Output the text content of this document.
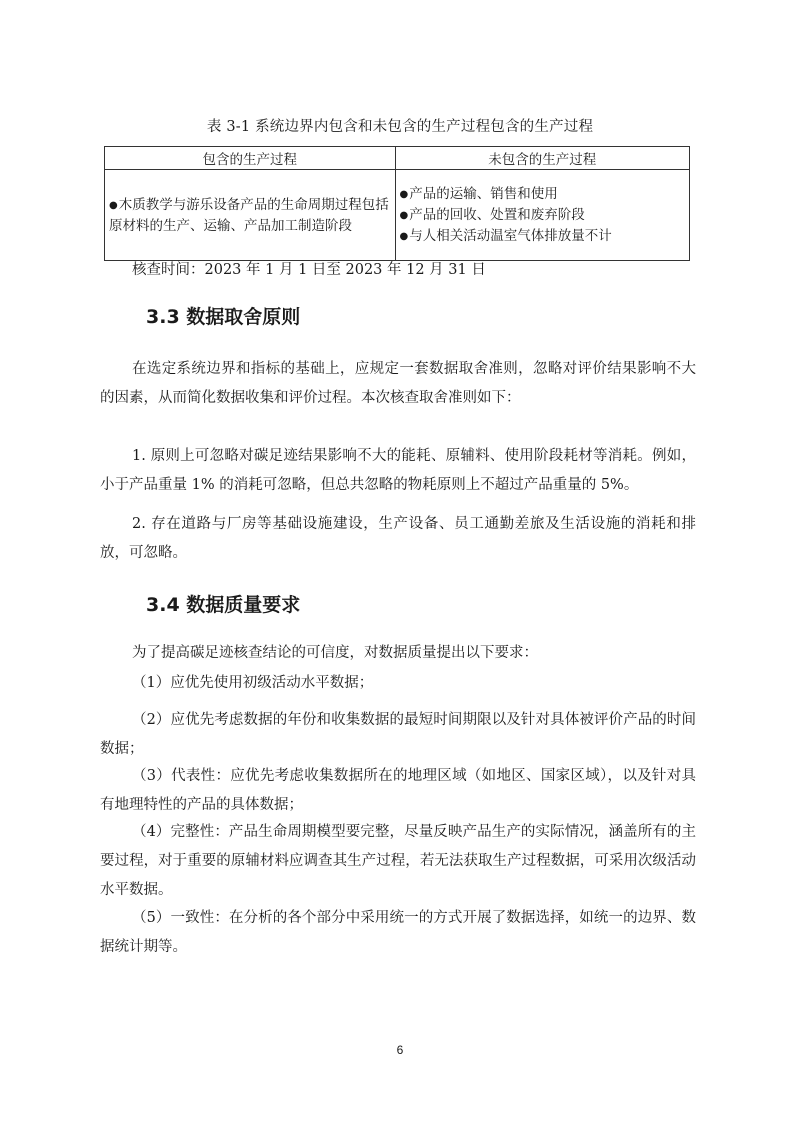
表 3-1 系统边界内包含和未包含的生产过程包含的生产过程
包含的生产过程	未包含的生产过程

●木质教学与游乐设备产品的生命周期过程包括原材料的生产、运输、产品加工制造阶段	●产品的运输、销售和使用
●产品的回收、处置和废弃阶段
●与人相关活动温室气体排放量不计
核查时间：2023 年 1 月 1 日至 2023 年 12 月 31 日
3.3 数据取舍原则

在选定系统边界和指标的基础上，应规定一套数据取舍准则，忽略对评价结果影响不大的因素，从而简化数据收集和评价过程。本次核查取舍准则如下：

1. 原则上可忽略对碳足迹结果影响不大的能耗、原辅料、使用阶段耗材等消耗。例如，小于产品重量 1% 的消耗可忽略，但总共忽略的物耗原则上不超过产品重量的 5%。

2. 存在道路与厂房等基础设施建设，生产设备、员工通勤差旅及生活设施的消耗和排放，可忽略。

3.4 数据质量要求

为了提高碳足迹核查结论的可信度，对数据质量提出以下要求：

（1）应优先使用初级活动水平数据；

（2）应优先考虑数据的年份和收集数据的最短时间期限以及针对具体被评价产品的时间数据；

（3）代表性：应优先考虑收集数据所在的地理区域（如地区、国家区域），以及针对具有地理特性的产品的具体数据；

（4）完整性：产品生命周期模型要完整，尽量反映产品生产的实际情况，涵盖所有的主要过程，对于重要的原辅材料应调查其生产过程，若无法获取生产过程数据，可采用次级活动水平数据。

（5）一致性：在分析的各个部分中采用统一的方式开展了数据选择，如统一的边界、数据统计期等。

6
